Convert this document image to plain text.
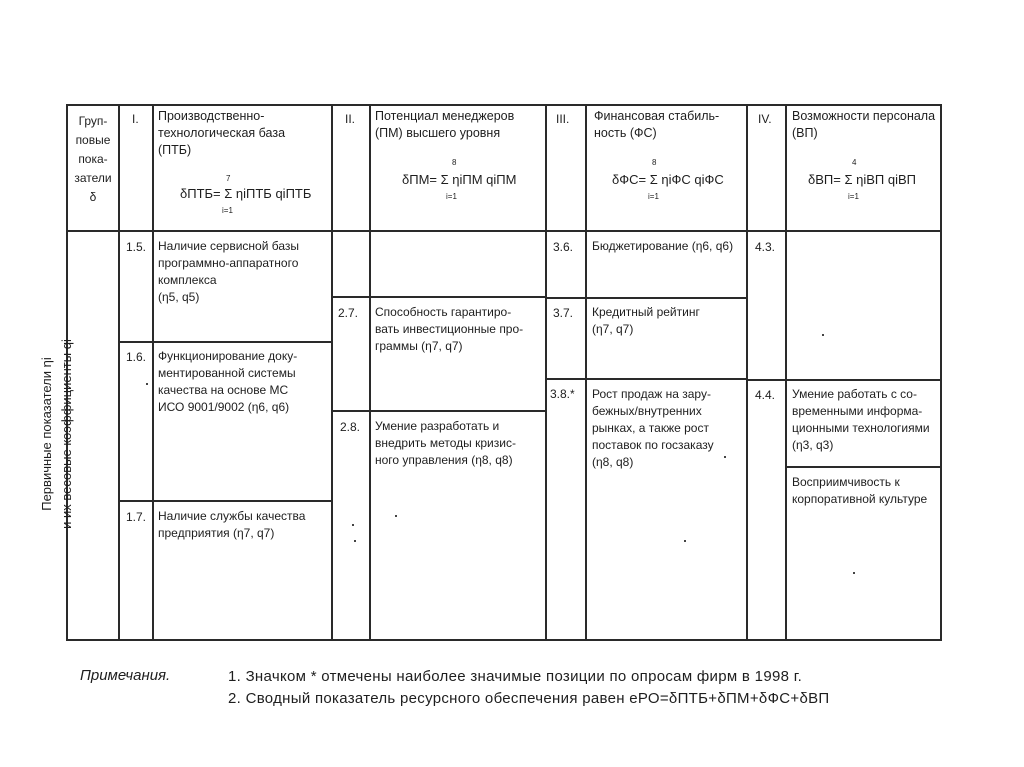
Груп-
повые
пока-
затели
δ
I. Производственно-
технологическая база
(ПТБ)
δПТБ= Σ ηiПТБ qiПТБ
7
i=1
II. Потенциал менеджеров
(ПМ) высшего уровня
δПМ= Σ ηiПМ qiПМ
8
i=1
III. Финансовая стабиль-
ность (ФС)
δФС= Σ ηiФС qiФС
8
i=1
IV. Возможности персонала
(ВП)
δВП= Σ ηiВП qiВП
4
i=1
Первичные показатели ηi
и их весовые коэффициенты qi
1.5. Наличие сервисной базы
программно-аппаратного
комплекса
(η5, q5)
1.6. Функционирование доку-
ментированной системы
качества на основе МС
ИСО 9001/9002 (η6, q6)
1.7. Наличие службы качества
предприятия (η7, q7)
2.7. Способность гарантиро-
вать инвестиционные про-
граммы (η7, q7)
2.8. Умение разработать и
внедрить методы кризис-
ного управления (η8, q8)
3.6. Бюджетирование (η6, q6)
3.7. Кредитный рейтинг
(η7, q7)
3.8.* Рост продаж на зару-
бежных/внутренних
рынках, а также рост
поставок по госзаказу
(η8, q8)
4.3.
4.4. Умение работать с со-
временными информа-
ционными технологиями
(η3, q3)
Восприимчивость к
корпоративной культуре
Примечания.	1. Значком * отмечены наиболее значимые позиции по опросам фирм в 1998 г.
2. Сводный показатель ресурсного обеспечения равен eРО=δПТБ+δПМ+δФС+δВП
